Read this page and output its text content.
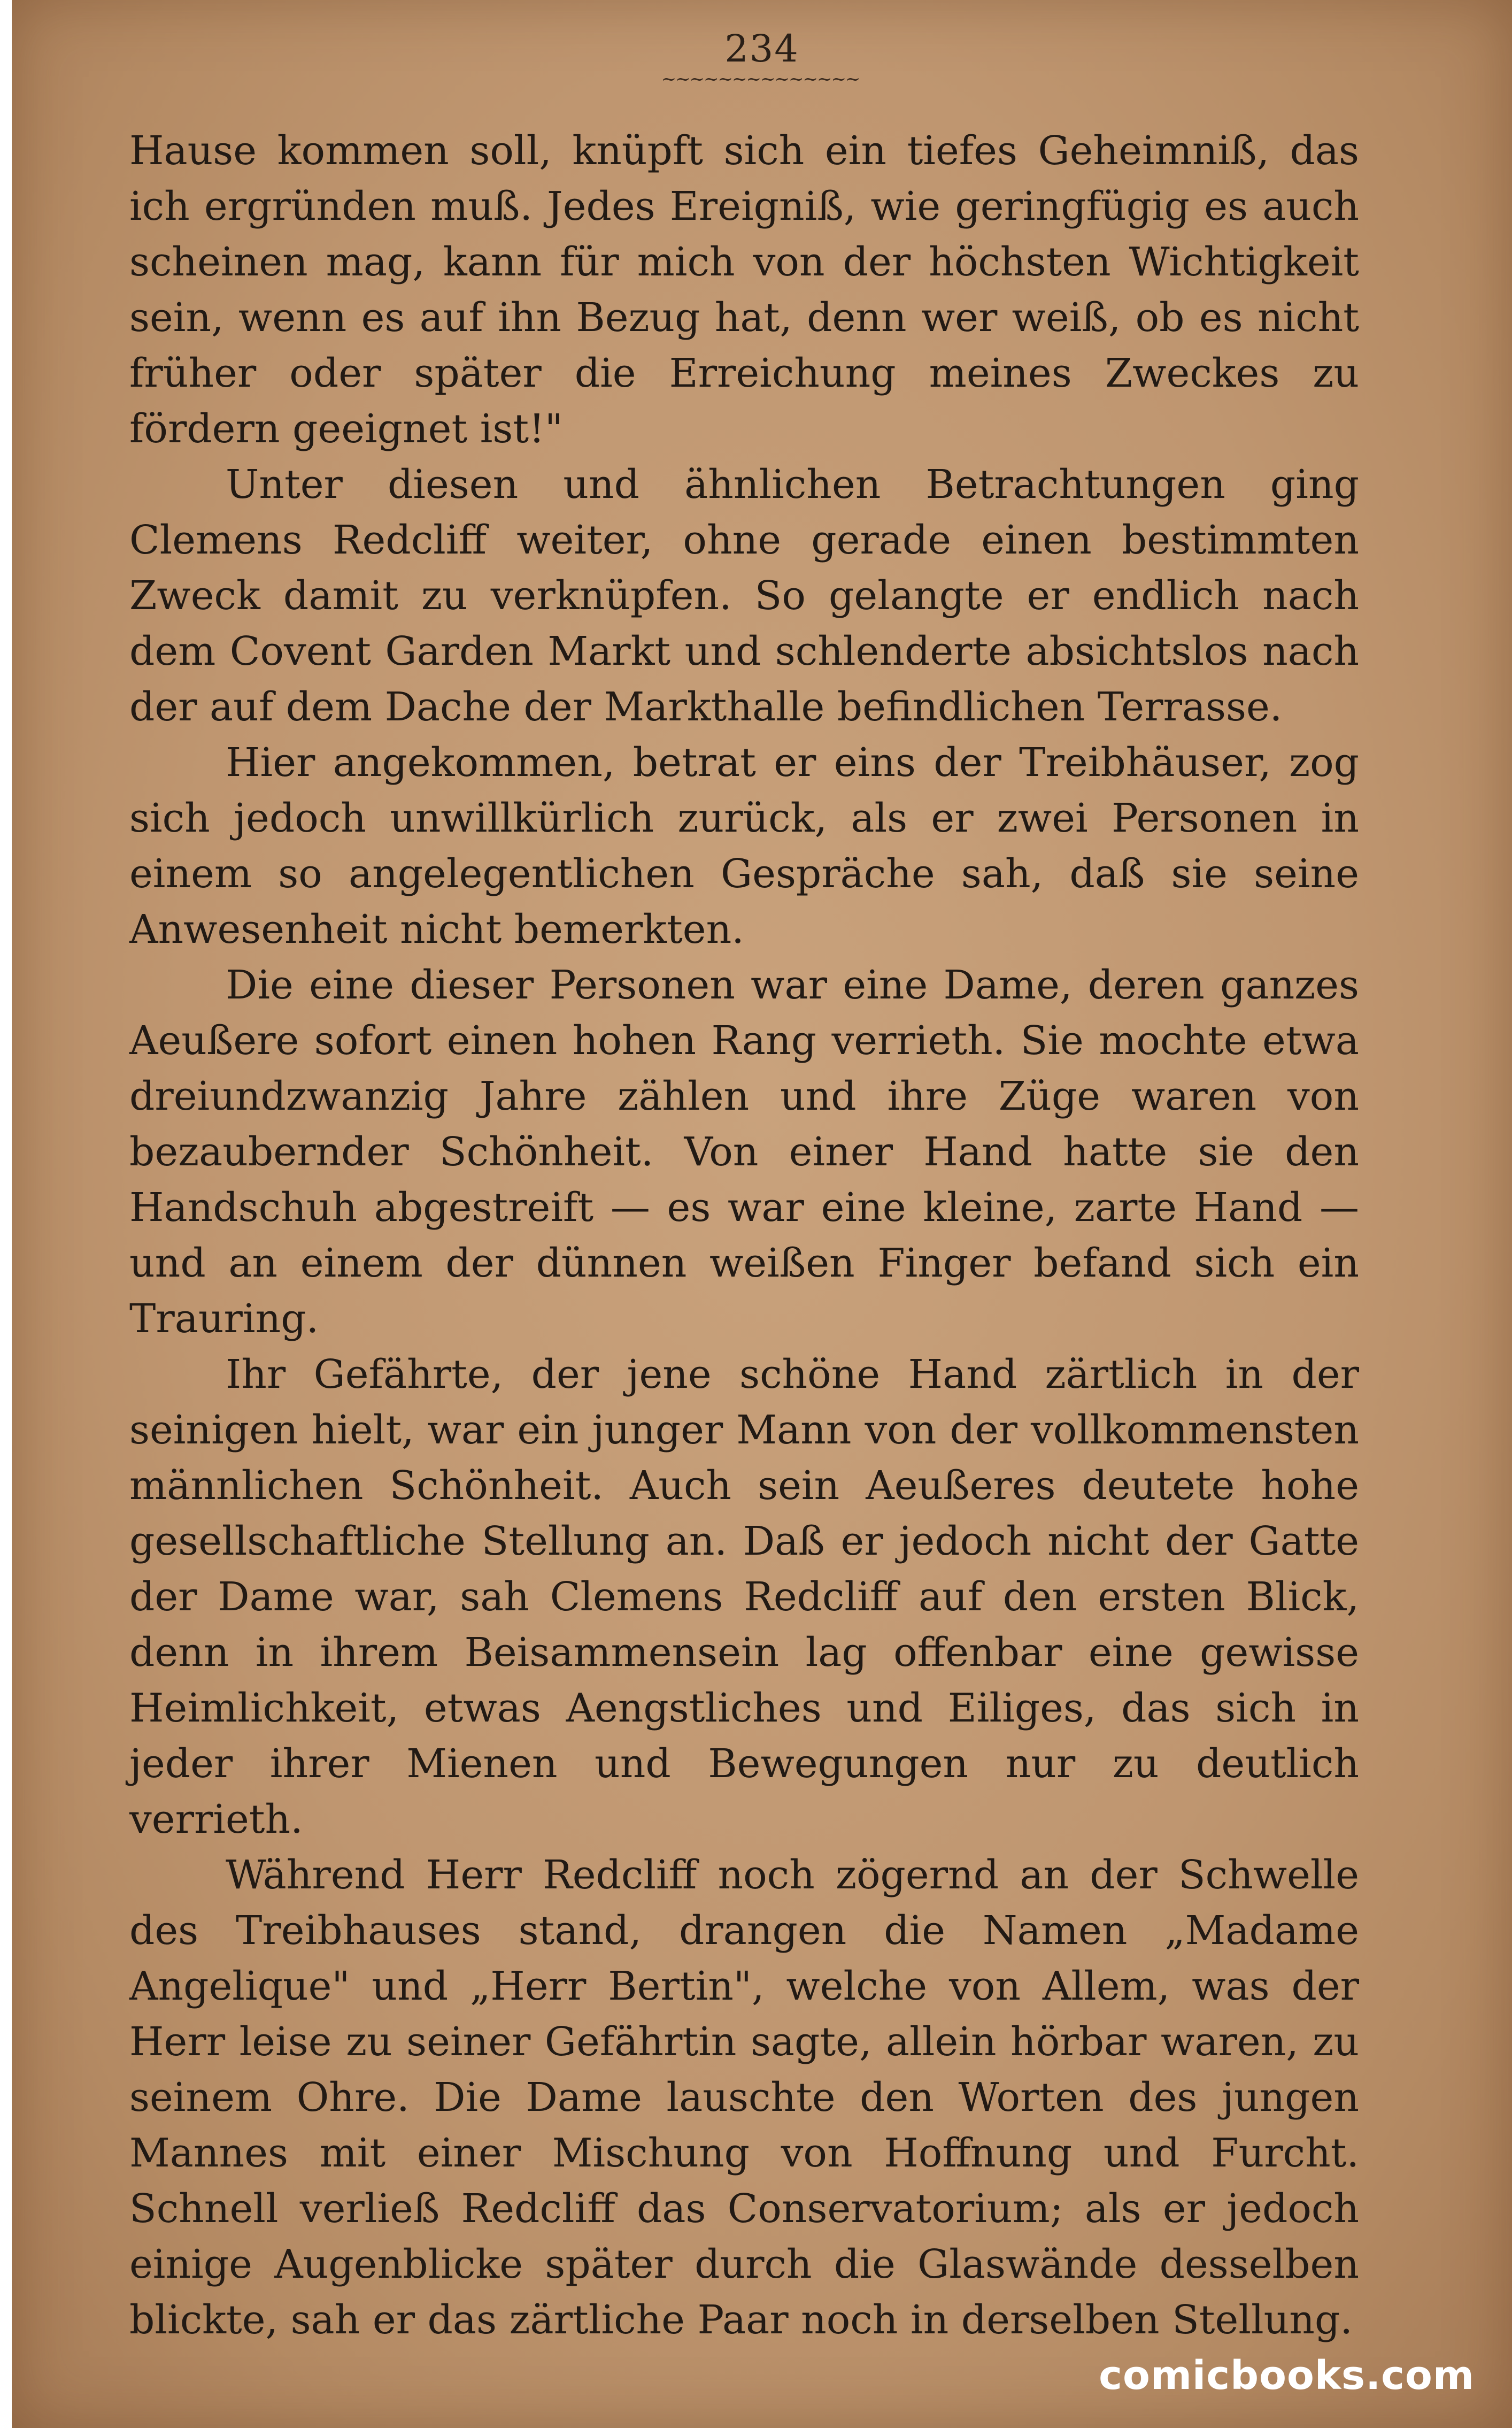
234
~~~~~~~~~~~~~~

Hause kommen soll, knüpft sich ein tiefes Geheimniß, das ich ergründen muß. Jedes Ereigniß, wie geringfügig es auch scheinen mag, kann für mich von der höchsten Wichtigkeit sein, wenn es auf ihn Bezug hat, denn wer weiß, ob es nicht früher oder später die Erreichung meines Zweckes zu fördern geeignet ist!"

Unter diesen und ähnlichen Betrachtungen ging Clemens Redcliff weiter, ohne gerade einen bestimmten Zweck damit zu verknüpfen. So gelangte er endlich nach dem Covent Garden Markt und schlenderte absichtslos nach der auf dem Dache der Markthalle befindlichen Terrasse.

Hier angekommen, betrat er eins der Treibhäuser, zog sich jedoch unwillkürlich zurück, als er zwei Personen in einem so angelegentlichen Gespräche sah, daß sie seine Anwesenheit nicht bemerkten.

Die eine dieser Personen war eine Dame, deren ganzes Aeußere sofort einen hohen Rang verrieth. Sie mochte etwa dreiundzwanzig Jahre zählen und ihre Züge waren von bezaubernder Schönheit. Von einer Hand hatte sie den Handschuh abgestreift — es war eine kleine, zarte Hand — und an einem der dünnen weißen Finger befand sich ein Trauring.

Ihr Gefährte, der jene schöne Hand zärtlich in der seinigen hielt, war ein junger Mann von der vollkommensten männlichen Schönheit. Auch sein Aeußeres deutete hohe gesellschaftliche Stellung an. Daß er jedoch nicht der Gatte der Dame war, sah Clemens Redcliff auf den ersten Blick, denn in ihrem Beisammensein lag offenbar eine gewisse Heimlichkeit, etwas Aengstliches und Eiliges, das sich in jeder ihrer Mienen und Bewegungen nur zu deutlich verrieth.

Während Herr Redcliff noch zögernd an der Schwelle des Treibhauses stand, drangen die Namen „Madame Angelique" und „Herr Bertin", welche von Allem, was der Herr leise zu seiner Gefährtin sagte, allein hörbar waren, zu seinem Ohre. Die Dame lauschte den Worten des jungen Mannes mit einer Mischung von Hoffnung und Furcht. Schnell verließ Redcliff das Conservatorium; als er jedoch einige Augenblicke später durch die Glaswände desselben blickte, sah er das zärtliche Paar noch in derselben Stellung.

comicbooks.com
